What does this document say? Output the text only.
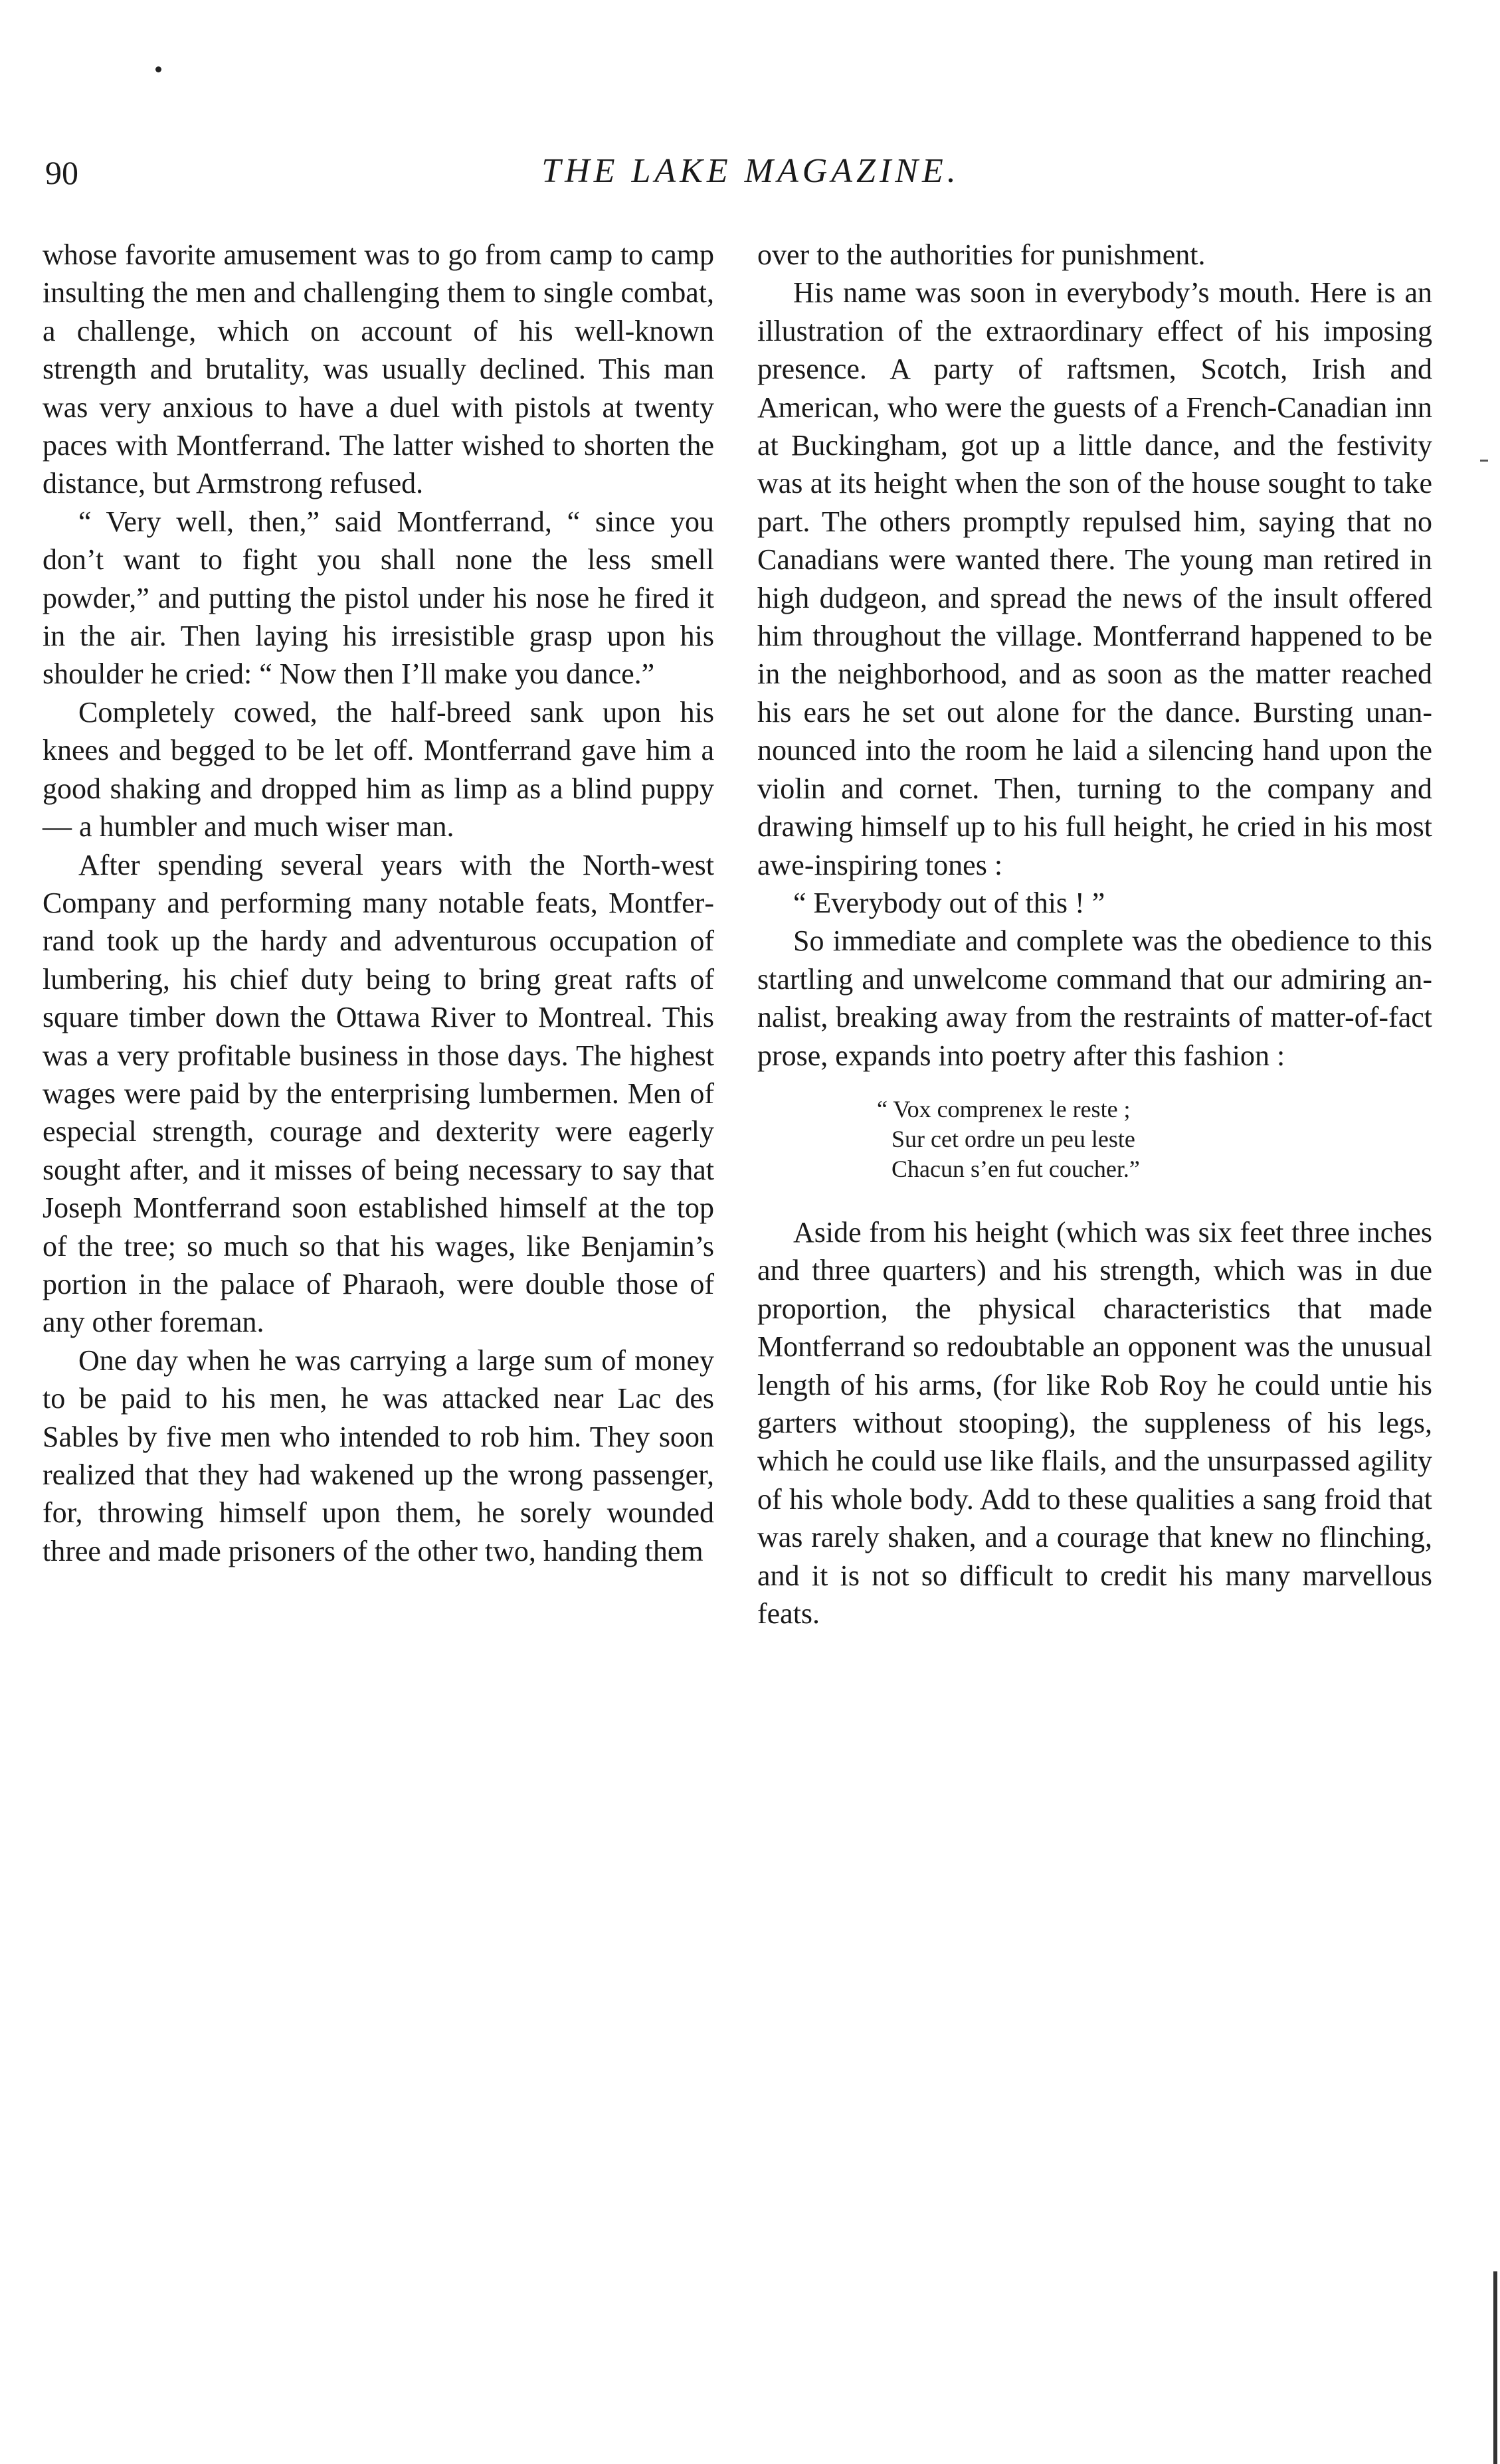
90	THE LAKE MAGAZINE.

whose favorite amusement was to go from camp to camp insulting the men and challenging them to single combat, a challenge, which on account of his well-known strength and brutality, was usually declined. This man was very anxious to have a duel with pistols at twenty paces with Montferrand. The latter wished to shorten the distance, but Armstrong refused.

“ Very well, then,” said Montferrand, “ since you don’t want to fight you shall none the less smell powder,” and putting the pistol under his nose he fired it in the air. Then laying his irresistible grasp upon his shoulder he cried: “ Now then I’ll make you dance.”

Completely cowed, the half-breed sank upon his knees and begged to be let off. Montferrand gave him a good shaking and dropped him as limp as a blind puppy — a humbler and much wiser man.

After spending several years with the North-west Company and performing many notable feats, Montferrand took up the hardy and adventurous occupation of lumbering, his chief duty being to bring great rafts of square timber down the Ottawa River to Montreal. This was a very profitable business in those days. The highest wages were paid by the enterprising lumbermen. Men of especial strength, courage and dexterity were eagerly sought after, and it misses of being necessary to say that Joseph Montferrand soon established himself at the top of the tree; so much so that his wages, like Benjamin’s portion in the palace of Pharaoh, were double those of any other foreman.

One day when he was carrying a large sum of money to be paid to his men, he was attacked near Lac des Sables by five men who intended to rob him. They soon realized that they had wakened up the wrong passenger, for, throwing himself upon them, he sorely wounded three and made prisoners of the other two, handing them

over to the authorities for punishment.

His name was soon in everybody’s mouth. Here is an illustration of the extraordinary effect of his imposing presence. A party of raftsmen, Scotch, Irish and American, who were the guests of a French-Canadian inn at Buckingham, got up a little dance, and the festivity was at its height when the son of the house sought to take part. The others promptly repulsed him, saying that no Canadians were wanted there. The young man retired in high dudgeon, and spread the news of the insult offered him throughout the village. Montferrand happened to be in the neighborhood, and as soon as the matter reached his ears he set out alone for the dance. Bursting unannounced into the room he laid a silencing hand upon the violin and cornet. Then, turning to the company and drawing himself up to his full height, he cried in his most awe-inspiring tones :

“ Everybody out of this ! ”

So immediate and complete was the obedience to this startling and unwelcome command that our admiring annalist, breaking away from the restraints of matter-of-fact prose, expands into poetry after this fashion :

“ Vox comprenex le reste ;
Sur cet ordre un peu leste
Chacun s’en fut coucher.”

Aside from his height (which was six feet three inches and three quarters) and his strength, which was in due proportion, the physical characteristics that made Montferrand so redoubtable an opponent was the unusual length of his arms, (for like Rob Roy he could untie his garters without stooping), the suppleness of his legs, which he could use like flails, and the unsurpassed agility of his whole body. Add to these qualities a sang froid that was rarely shaken, and a courage that knew no flinching, and it is not so difficult to credit his many marvellous feats.
